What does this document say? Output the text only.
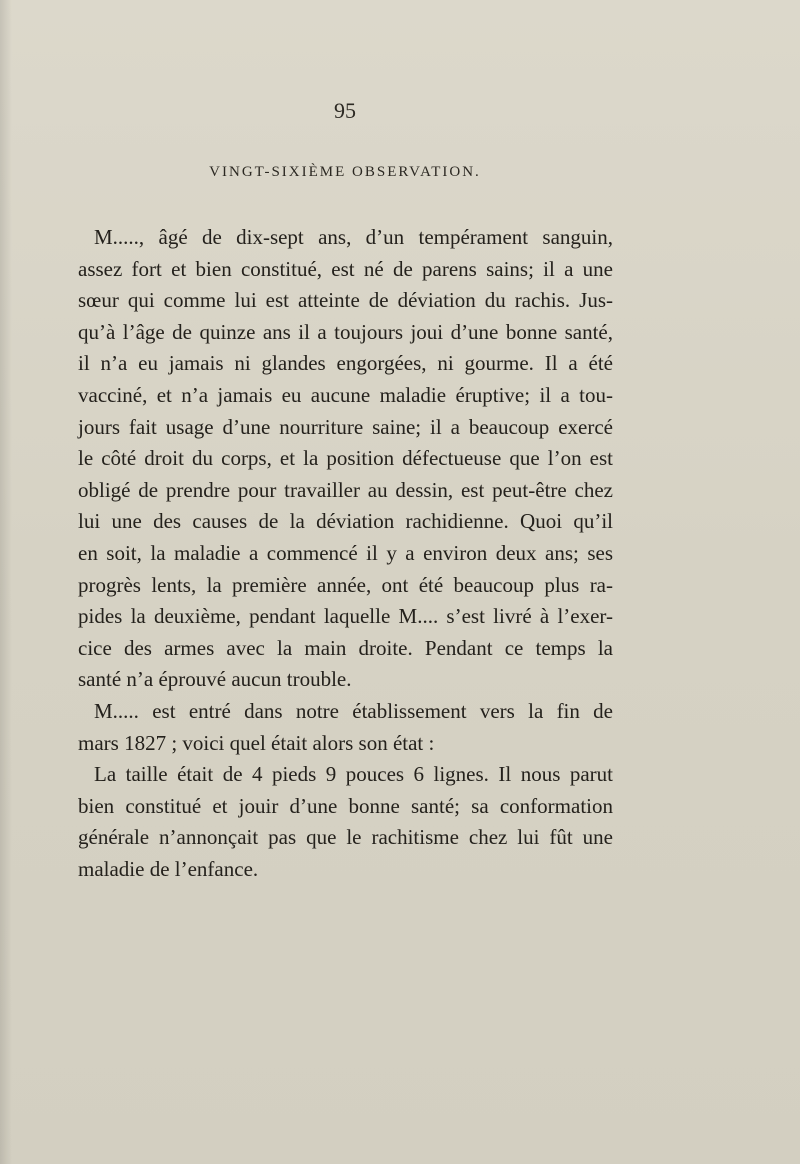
95
VINGT-SIXIÈME OBSERVATION.
M....., âgé de dix-sept ans, d’un tempérament sanguin,
assez fort et bien constitué, est né de parens sains; il a une
sœur qui comme lui est atteinte de déviation du rachis. Jus-
qu’à l’âge de quinze ans il a toujours joui d’une bonne santé,
il n’a eu jamais ni glandes engorgées, ni gourme. Il a été
vacciné, et n’a jamais eu aucune maladie éruptive; il a tou-
jours fait usage d’une nourriture saine; il a beaucoup exercé
le côté droit du corps, et la position défectueuse que l’on est
obligé de prendre pour travailler au dessin, est peut-être chez
lui une des causes de la déviation rachidienne. Quoi qu’il
en soit, la maladie a commencé il y a environ deux ans; ses
progrès lents, la première année, ont été beaucoup plus ra-
pides la deuxième, pendant laquelle M.... s’est livré à l’exer-
cice des armes avec la main droite. Pendant ce temps la
santé n’a éprouvé aucun trouble.
M..... est entré dans notre établissement vers la fin de
mars 1827 ; voici quel était alors son état :
La taille était de 4 pieds 9 pouces 6 lignes. Il nous parut
bien constitué et jouir d’une bonne santé; sa conformation
générale n’annonçait pas que le rachitisme chez lui fût une
maladie de l’enfance.
